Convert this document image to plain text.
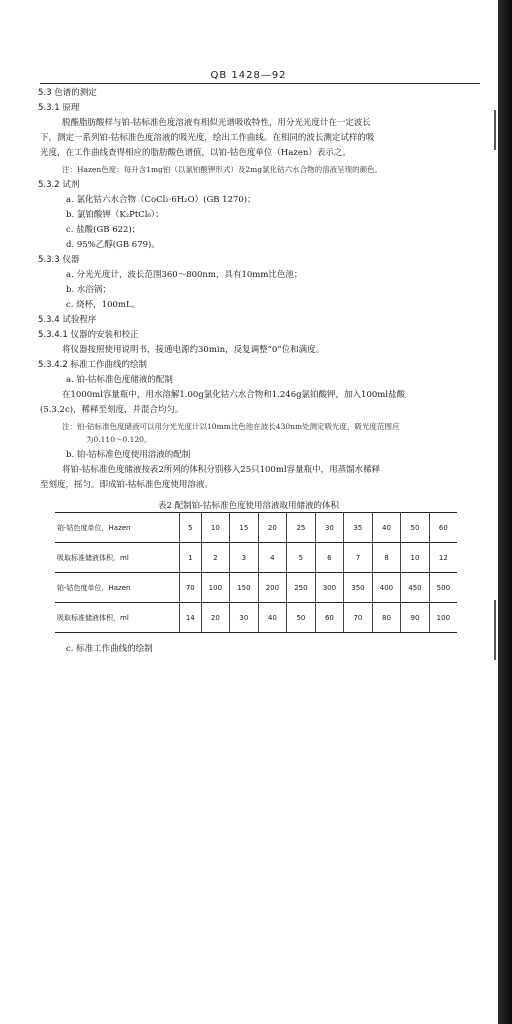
QB 1428—92
5.3 色谱的测定
5.3.1 原理
脱酯脂肪酸样与铂-钴标准色度溶液有相似光谱吸收特性，用分光光度计在一定波长
下，测定一系列铂-钴标准色度溶液的吸光度，绘出工作曲线。在相同的波长测定试样的吸
光度，在工作曲线查得相应的脂肪酸色谱值，以铂-钴色度单位（Hazen）表示之。
注：Hazen色度：每升含1mg铂（以氯铂酸钾形式）及2mg氯化钴六水合物的溶液呈现的颜色。
5.3.2 试剂
a. 氯化钴六水合物（CoCl₂·6H₂O）(GB 1270)；
b. 氯铂酸钾（K₂PtCl₆）；
c. 盐酸(GB 622)；
d. 95%乙醇(GB 679)。
5.3.3 仪器
a. 分光光度计，波长范围360～800nm，具有10mm比色池；
b. 水浴锅；
c. 烧杯，100mL。
5.3.4 试验程序
5.3.4.1 仪器的安装和校正
将仪器按照使用说明书，接通电源约30min，反复调整“0”位和满度。
5.3.4.2 标准工作曲线的绘制
a. 铂-钴标准色度储液的配制
在1000ml容量瓶中，用水溶解1.00g氯化钴六水合物和1.246g氯铂酸钾，加入100ml盐酸
(5.3.2c)，稀释至刻度，并混合均匀。
注：铂-钴标准色度储液可以用分光光度计以10mm比色池在波长430nm处测定吸光度，吸光度范围应
为0.110～0.120。
b. 铂-钴标准色度使用溶液的配制
将铂-钴标准色度储液按表2所列的体积分别移入25只100ml容量瓶中，用蒸馏水稀释
至刻度，摇匀。即成铂-钴标准色度使用溶液。
表2 配制铂-钴标准色度使用溶液取用储液的体积
铂-钴色度单位，Hazen	5	10	15	20	25	30	35	40	50	60
吸取标准储液体积，ml	1	2	3	4	5	6	7	8	10	12
铂-钴色度单位，Hazen	70	100	150	200	250	300	350	400	450	500
吸取标准储液体积，ml	14	20	30	40	50	60	70	80	90	100
c. 标准工作曲线的绘制
